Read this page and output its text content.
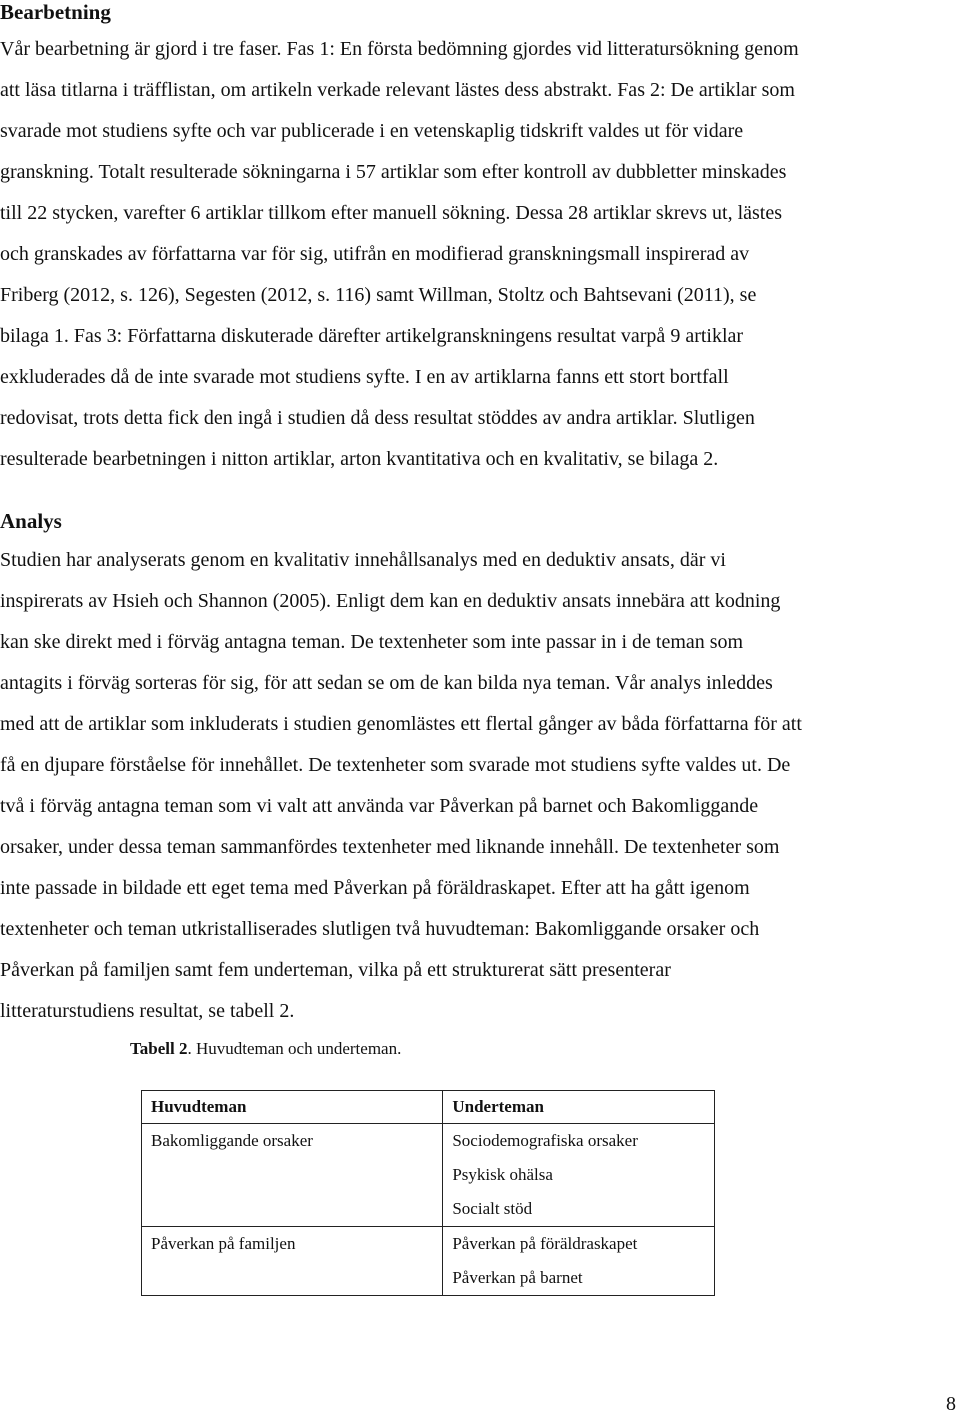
Bearbetning
Vår bearbetning är gjord i tre faser. Fas 1: En första bedömning gjordes vid litteratursökning genom
att läsa titlarna i träfflistan, om artikeln verkade relevant lästes dess abstrakt. Fas 2: De artiklar som
svarade mot studiens syfte och var publicerade i en vetenskaplig tidskrift valdes ut för vidare
granskning. Totalt resulterade sökningarna i 57 artiklar som efter kontroll av dubbletter minskades
till 22 stycken, varefter 6 artiklar tillkom efter manuell sökning. Dessa 28 artiklar skrevs ut, lästes
och granskades av författarna var för sig, utifrån en modifierad granskningsmall inspirerad av
Friberg (2012, s. 126), Segesten (2012, s. 116) samt Willman, Stoltz och Bahtsevani (2011), se
bilaga 1. Fas 3: Författarna diskuterade därefter artikelgranskningens resultat varpå 9 artiklar
exkluderades då de inte svarade mot studiens syfte. I en av artiklarna fanns ett stort bortfall
redovisat, trots detta fick den ingå i studien då dess resultat stöddes av andra artiklar. Slutligen
resulterade bearbetningen i nitton artiklar, arton kvantitativa och en kvalitativ, se bilaga 2.
Analys
Studien har analyserats genom en kvalitativ innehållsanalys med en deduktiv ansats, där vi
inspirerats av Hsieh och Shannon (2005). Enligt dem kan en deduktiv ansats innebära att kodning
kan ske direkt med i förväg antagna teman. De textenheter som inte passar in i de teman som
antagits i förväg sorteras för sig, för att sedan se om de kan bilda nya teman. Vår analys inleddes
med att de artiklar som inkluderats i studien genomlästes ett flertal gånger av båda författarna för att
få en djupare förståelse för innehållet. De textenheter som svarade mot studiens syfte valdes ut. De
två i förväg antagna teman som vi valt att använda var Påverkan på barnet och Bakomliggande
orsaker, under dessa teman sammanfördes textenheter med liknande innehåll. De textenheter som
inte passade in bildade ett eget tema med Påverkan på föräldraskapet. Efter att ha gått igenom
textenheter och teman utkristalliserades slutligen två huvudteman: Bakomliggande orsaker och
Påverkan på familjen samt fem underteman, vilka på ett strukturerat sätt presenterar
litteraturstudiens resultat, se tabell 2.
Tabell 2. Huvudteman och underteman.
Huvudteman	Underteman

Bakomliggande orsaker	Sociodemografiska orsaker
Psykisk ohälsa
Socialt stöd

Påverkan på familjen	Påverkan på föräldraskapet
Påverkan på barnet
8
